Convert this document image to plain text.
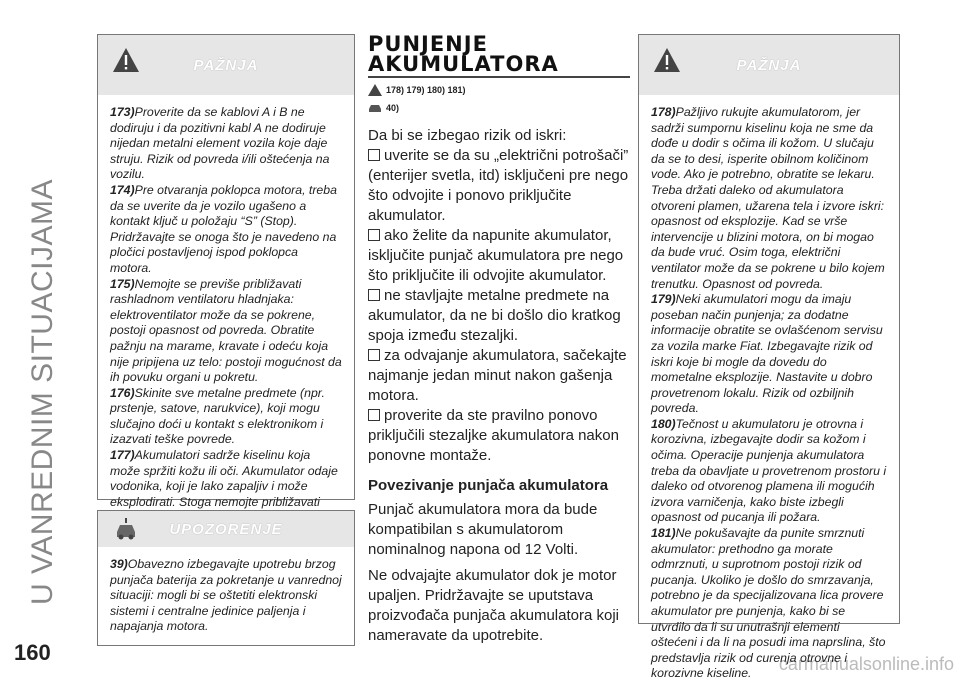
U VANREDNIM SITUACIJAMA
160	carmanualsonline.info
PAŽNJA

173)Proverite da se kablovi A i B ne dodiruju i da pozitivni kabl A ne dodiruje nijedan metalni element vozila koje daje struju. Rizik od povreda i/ili oštećenja na vozilu.

174)Pre otvaranja poklopca motora, treba da se uverite da je vozilo ugašeno a kontakt ključ u položaju “S” (Stop). Pridržavajte se onoga što je navedeno na pločici postavljenoj ispod poklopca motora.

175)Nemojte se previše približavati rashladnom ventilatoru hladnjaka: elektroventilator može da se pokrene, postoji opasnost od povreda. Obratite pažnju na marame, kravate i odeću koja nije pripijena uz telo: postoji mogućnost da ih povuku organi u pokretu.

176)Skinite sve metalne predmete (npr. prstenje, satove, narukvice), koji mogu slučajno doći u kontakt s elektronikom i izazvati teške povrede.

177)Akumulatori sadrže kiselinu koja može spržiti kožu ili oči. Akumulator odaje vodonika, koji je lako zapaljiv i može eksplodirati. Stoga nemojte približavati

UPOZORENJE

39)Obavezno izbegavajte upotrebu brzog punjača baterija za pokretanje u vanrednoj situaciji: mogli bi se oštetiti elektronski sistemi i centralne jedinice paljenja i napajanja motora.

PUNJENJE
AKUMULATORA
178) 179) 180) 181)
40)

Da bi se izbegao rizik od iskri:

uverite se da su „električni potrošači” (enterijer svetla, itd) isključeni pre nego što odvojite i ponovo priključite akumulator.

ako želite da napunite akumulator, isključite punjač akumulatora pre nego što priključite ili odvojite akumulator.

ne stavljajte metalne predmete na akumulator, da ne bi došlo dio kratkog spoja između stezaljki.

za odvajanje akumulatora, sačekajte najmanje jedan minut nakon gašenja motora.

proverite da ste pravilno ponovo priključili stezaljke akumulatora nakon ponovne montaže.

Povezivanje punjača akumulatora

Punjač akumulatora mora da bude kompatibilan s akumulatorom nominalnog napona od 12 Volti.

Ne odvajajte akumulator dok je motor upaljen. Pridržavajte se uputstava proizvođača punjača akumulatora koji nameravate da upotrebite.

PAŽNJA

178)Pažljivo rukujte akumulatorom, jer sadrži sumpornu kiselinu koja ne sme da dođe u dodir s očima ili kožom. U slučaju da se to desi, isperite obilnom količinom vode. Ako je potrebno, obratite se lekaru. Treba držati daleko od akumulatora otvoreni plamen, užarena tela i izvore iskri: opasnost od eksplozije. Kad se vrše intervencije u blizini motora, on bi mogao da bude vruć. Osim toga, električni ventilator može da se pokrene u bilo kojem trenutku. Opasnost od povreda.

179)Neki akumulatori mogu da imaju poseban način punjenja; za dodatne informacije obratite se ovlašćenom servisu za vozila marke Fiat. Izbegavajte rizik od iskri koje bi mogle da dovedu do mometalne eksplozije. Nastavite u dobro provetrenom lokalu. Rizik od ozbiljnih povreda.

180)Tečnost u akumulatoru je otrovna i korozivna, izbegavajte dodir sa kožom i očima. Operacije punjenja akumulatora treba da obavljate u provetrenom prostoru i daleko od otvorenog plamena ili mogućih izvora varničenja, kako biste izbegli opasnost od pucanja ili požara.

181)Ne pokušavajte da punite smrznuti akumulator: prethodno ga morate odmrznuti, u suprotnom postoji rizik od pucanja. Ukoliko je došlo do smrzavanja, potrebno je da specijalizovana lica provere akumulator pre punjenja, kako bi se utvrdilo da li su unutrašnji elementi oštećeni i da li na posudi ima naprslina, što predstavlja rizik od curenja otrovne i korozivne kiseline.
